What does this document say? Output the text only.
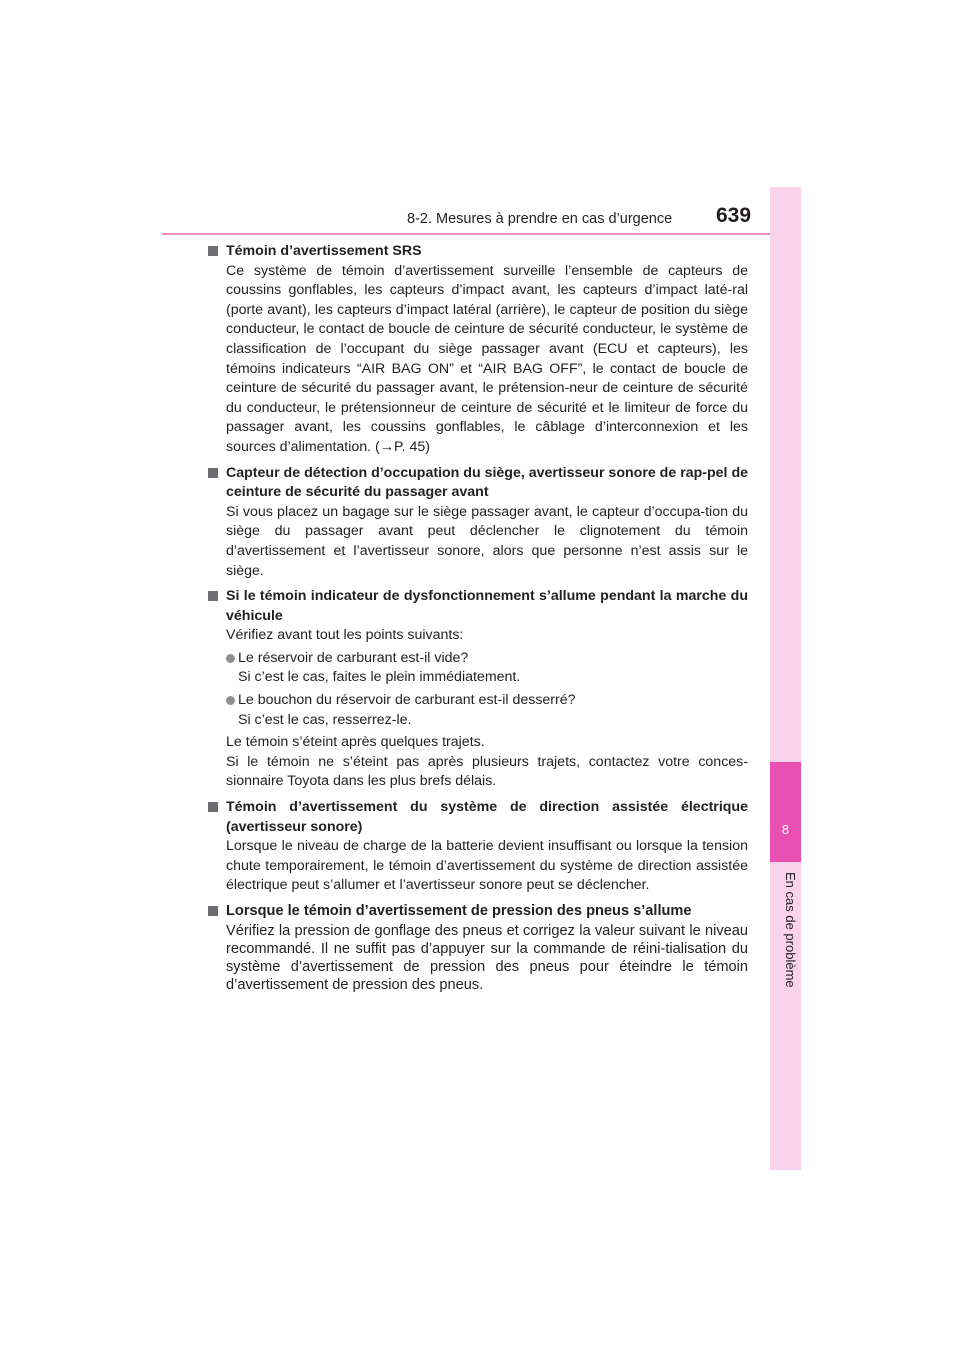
8-2. Mesures à prendre en cas d’urgence 639
8
En cas de problème
Témoin d’avertissement SRS
Ce système de témoin d’avertissement surveille l’ensemble de capteurs de coussins gonflables, les capteurs d’impact avant, les capteurs d’impact laté-ral (porte avant), les capteurs d’impact latéral (arrière), le capteur de position du siège conducteur, le contact de boucle de ceinture de sécurité conducteur, le système de classification de l’occupant du siège passager avant (ECU et capteurs), les témoins indicateurs “AIR BAG ON” et “AIR BAG OFF”, le contact de boucle de ceinture de sécurité du passager avant, le prétension-neur de ceinture de sécurité du conducteur, le prétensionneur de ceinture de sécurité et le limiteur de force du passager avant, les coussins gonflables, le câblage d’interconnexion et les sources d’alimentation. (→P. 45)
Capteur de détection d’occupation du siège, avertisseur sonore de rap-pel de ceinture de sécurité du passager avant
Si vous placez un bagage sur le siège passager avant, le capteur d’occupa-tion du siège du passager avant peut déclencher le clignotement du témoin d’avertissement et l’avertisseur sonore, alors que personne n’est assis sur le siège.
Si le témoin indicateur de dysfonctionnement s’allume pendant la marche du véhicule
Vérifiez avant tout les points suivants:
Le réservoir de carburant est-il vide?
Si c’est le cas, faites le plein immédiatement.
Le bouchon du réservoir de carburant est-il desserré?
Si c’est le cas, resserrez-le.
Le témoin s’éteint après quelques trajets.
Si le témoin ne s’éteint pas après plusieurs trajets, contactez votre conces-sionnaire Toyota dans les plus brefs délais.
Témoin d’avertissement du système de direction assistée électrique (avertisseur sonore)
Lorsque le niveau de charge de la batterie devient insuffisant ou lorsque la tension chute temporairement, le témoin d’avertissement du système de direction assistée électrique peut s’allumer et l’avertisseur sonore peut se déclencher.
Lorsque le témoin d’avertissement de pression des pneus s’allume
Vérifiez la pression de gonflage des pneus et corrigez la valeur suivant le niveau recommandé. Il ne suffit pas d’appuyer sur la commande de réini-tialisation du système d’avertissement de pression des pneus pour éteindre le témoin d’avertissement de pression des pneus.
